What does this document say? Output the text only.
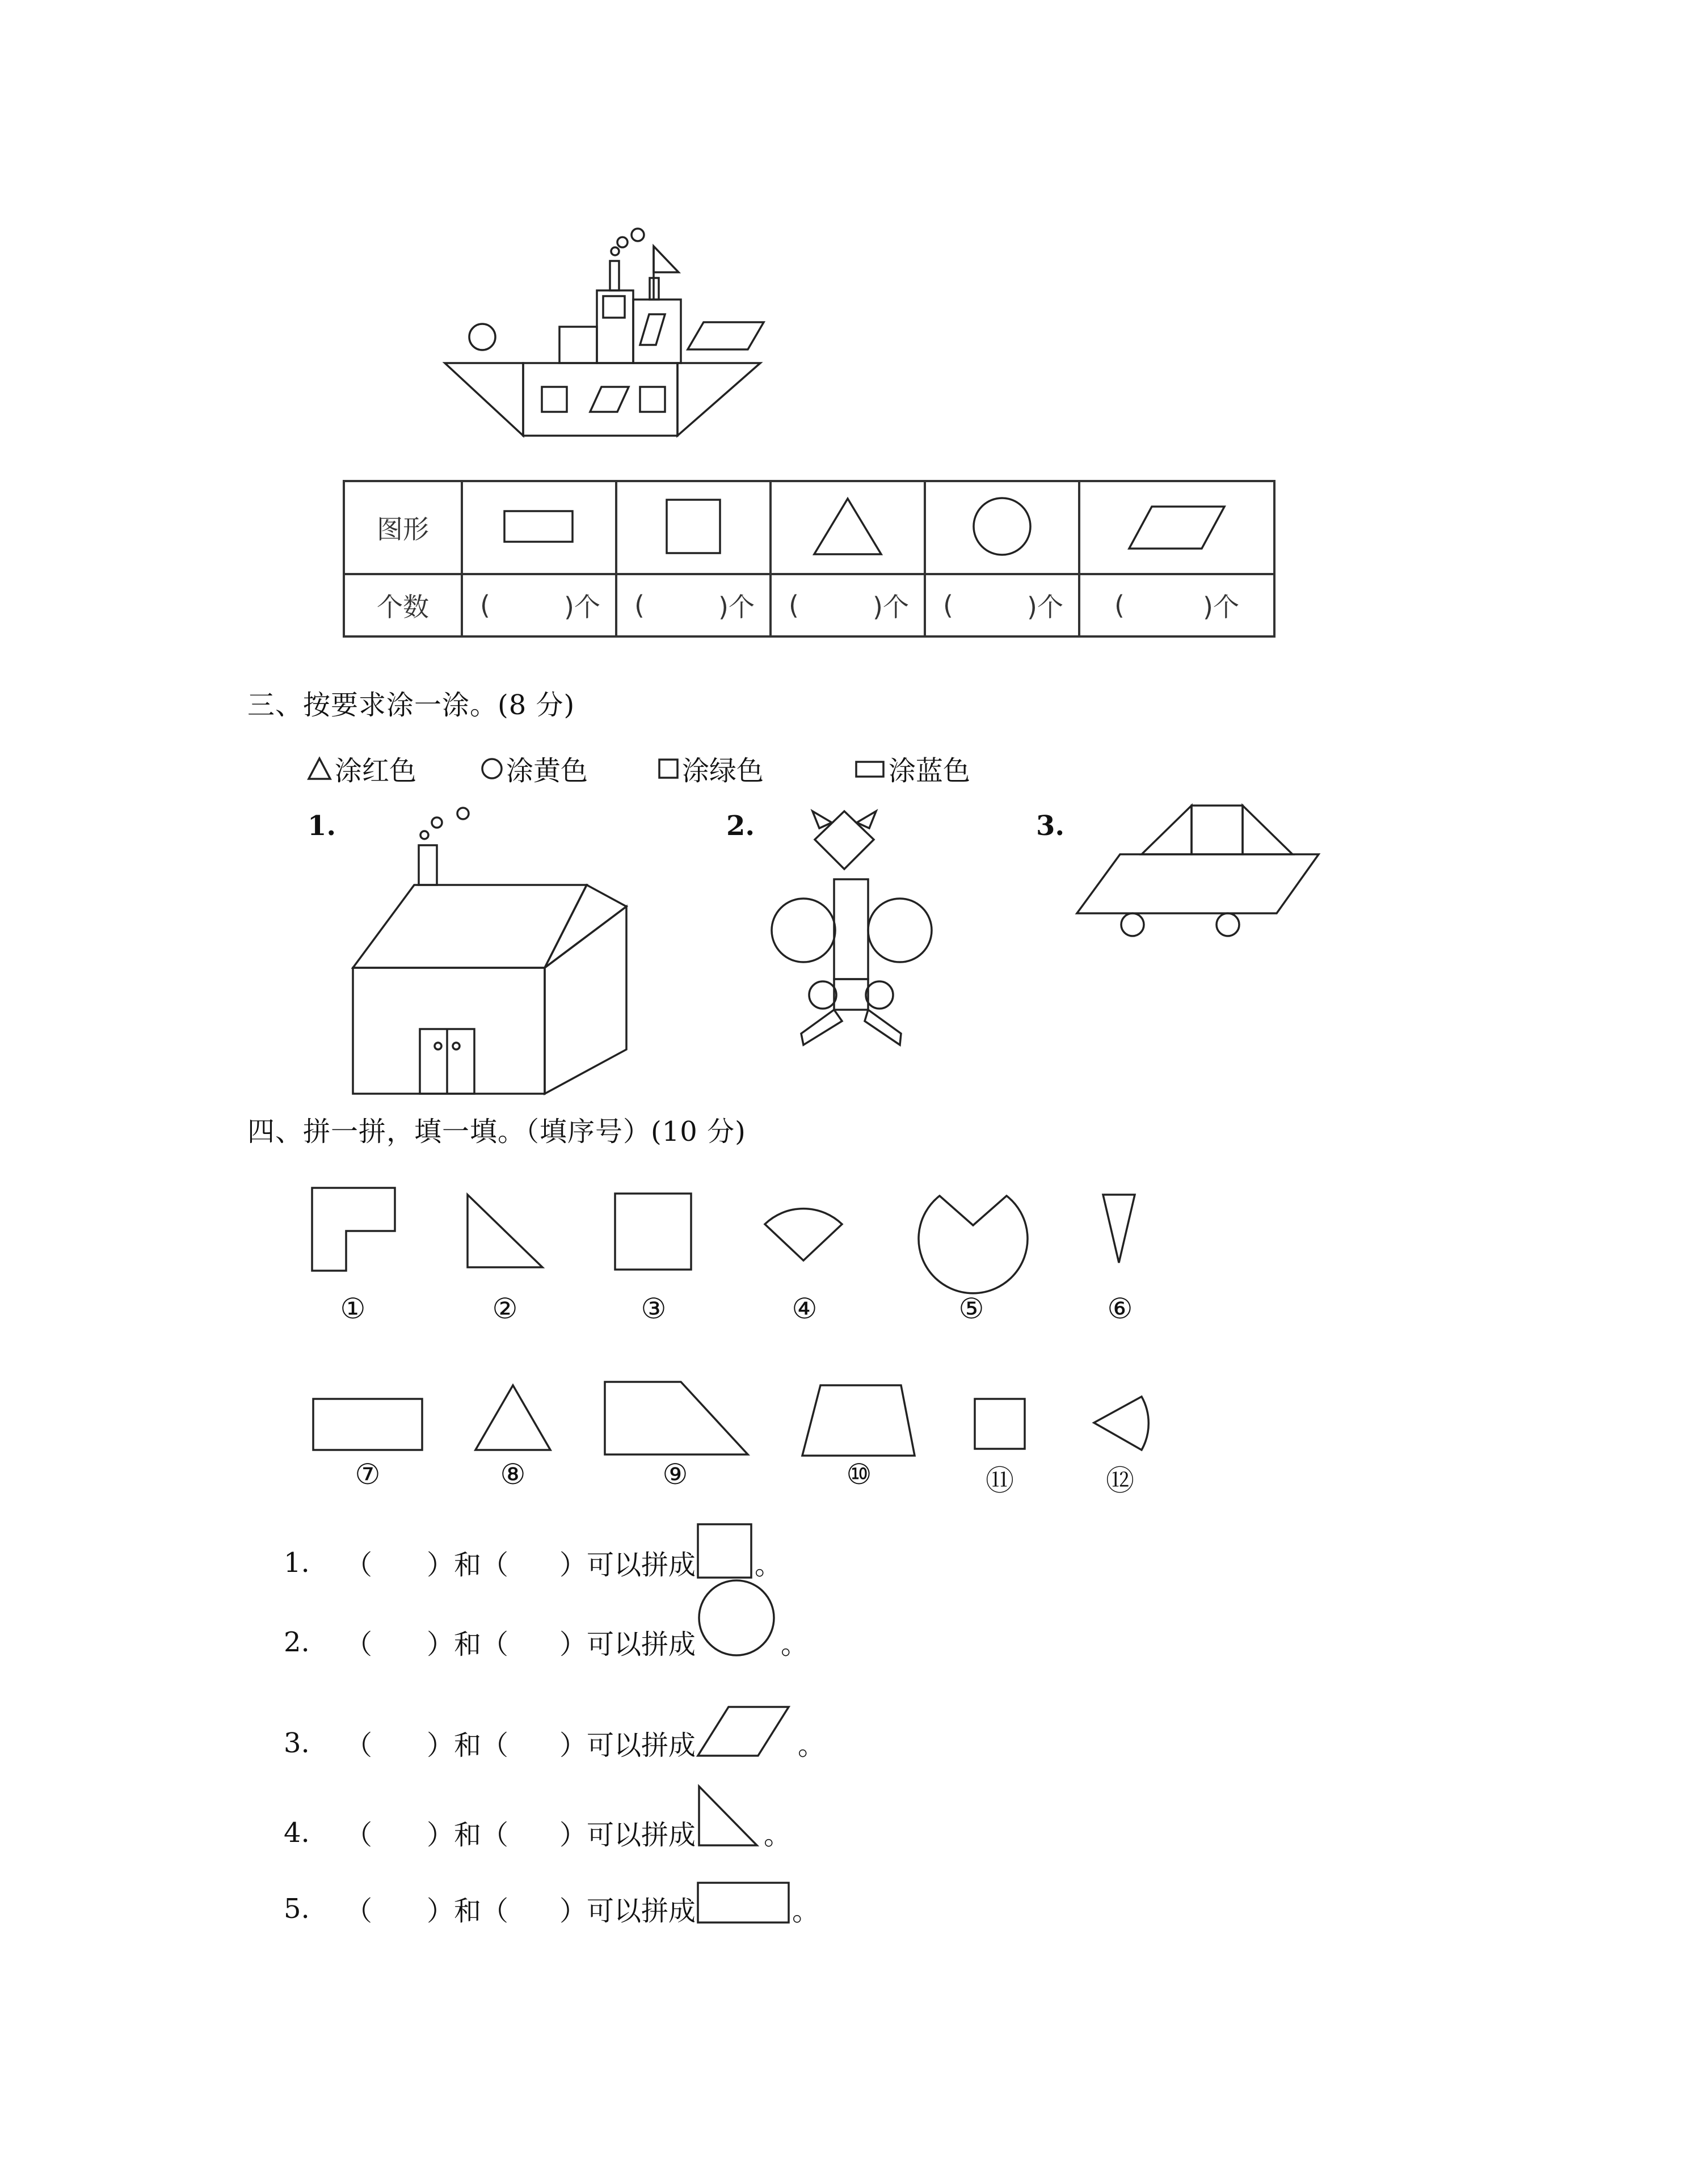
图形					
个数	( )个	( )个	( )个	( )个	( )个
三、按要求涂一涂。(8 分)
涂红色	涂黄色	涂绿色	涂蓝色
1.	2.	3.
四、拼一拼，填一填。（填序号）(10 分)
①	②	③	④	⑤	⑥
⑦	⑧	⑨	⑩	⑪	⑫
1.	（ ）和（ ）可以拼成 。
2.	（ ）和（ ）可以拼成	。
3.	（ ）和（ ）可以拼成	。
4.	（ ）和（ ）可以拼成	。
5.	（ ）和（ ）可以拼成	。
